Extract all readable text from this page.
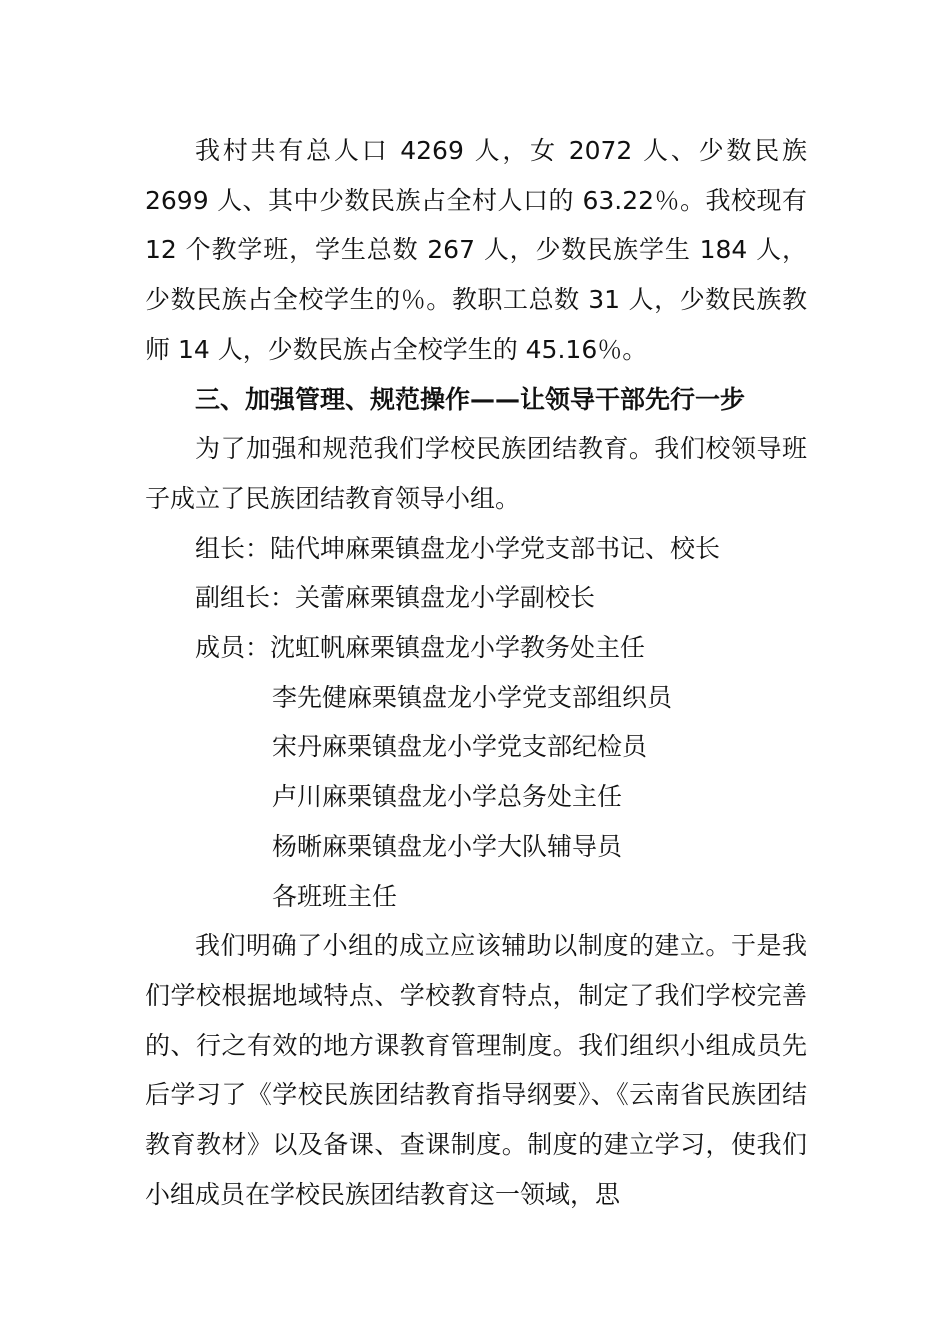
我村共有总人口 4269 人，女 2072 人、少数民族 2699 人、其中少数民族占全村人口的 63.22％。我校现有 12 个教学班，学生总数 267 人，少数民族学生 184 人，少数民族占全校学生的％。教职工总数 31 人，少数民族教师 14 人，少数民族占全校学生的 45.16％。

三、加强管理、规范操作——让领导干部先行一步

为了加强和规范我们学校民族团结教育。我们校领导班子成立了民族团结教育领导小组。

组长：陆代坤麻栗镇盘龙小学党支部书记、校长

副组长：关蕾麻栗镇盘龙小学副校长

成员：沈虹帆麻栗镇盘龙小学教务处主任

李先健麻栗镇盘龙小学党支部组织员

宋丹麻栗镇盘龙小学党支部纪检员

卢川麻栗镇盘龙小学总务处主任

杨晰麻栗镇盘龙小学大队辅导员

各班班主任

我们明确了小组的成立应该辅助以制度的建立。于是我们学校根据地域特点、学校教育特点，制定了我们学校完善的、行之有效的地方课教育管理制度。我们组织小组成员先后学习了《学校民族团结教育指导纲要》、《云南省民族团结教育教材》以及备课、查课制度。制度的建立学习，使我们小组成员在学校民族团结教育这一领域，思
